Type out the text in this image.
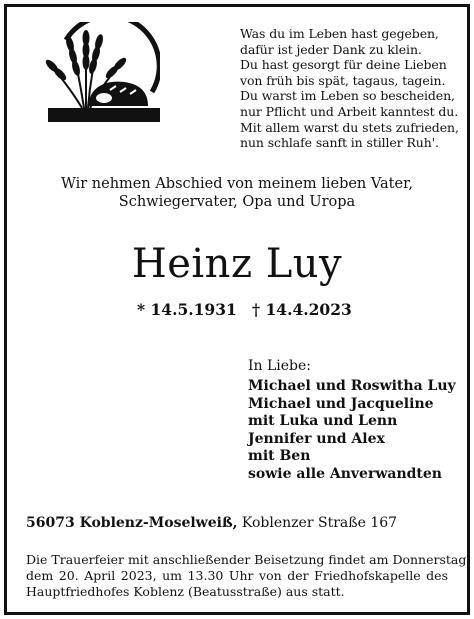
Was du im Leben hast gegeben,
dafür ist jeder Dank zu klein.
Du hast gesorgt für deine Lieben
von früh bis spät, tagaus, tagein.
Du warst im Leben so bescheiden,
nur Pflicht und Arbeit kanntest du.
Mit allem warst du stets zufrieden,
nun schlafe sanft in stiller Ruh'.
Wir nehmen Abschied von meinem lieben Vater,
Schwiegervater, Opa und Uropa
Heinz Luy
* 14.5.1931 † 14.4.2023
In Liebe:
Michael und Roswitha Luy
Michael und Jacqueline
mit Luka und Lenn
Jennifer und Alex
mit Ben
sowie alle Anverwandten
56073 Koblenz-Moselweiß, Koblenzer Straße 167
Die Trauerfeier mit anschließender Beisetzung findet am Donnerstag,
dem 20. April 2023, um 13.30 Uhr von der Friedhofskapelle des
Hauptfriedhofes Koblenz (Beatusstraße) aus statt.
